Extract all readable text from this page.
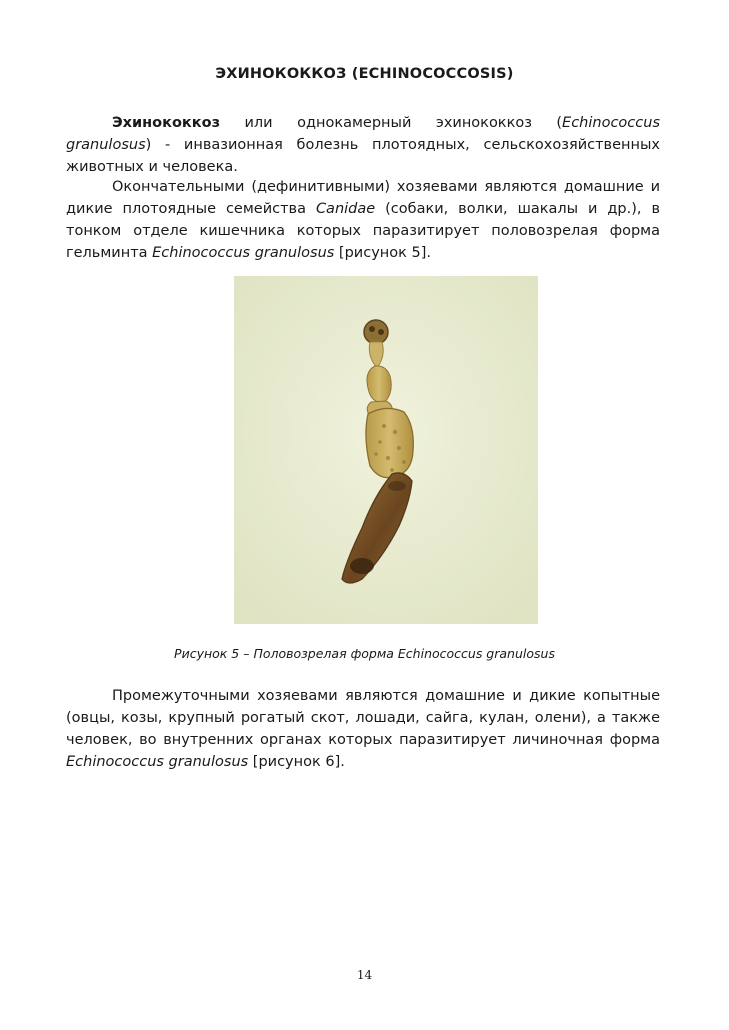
ЭХИНОКОККОЗ (ECHINOCOCCOSIS)

Эхинококкоз или однокамерный эхинококкоз (Echinococcus granulosus) - инвазионная болезнь плотоядных, сельскохозяйственных животных и человека.

Окончательными (дефинитивными) хозяевами являются домашние и дикие плотоядные семейства Canidae (собаки, волки, шакалы и др.), в тонком отделе кишечника которых паразитирует половозрелая форма гельминта Echinococcus granulosus [рисунок 5].

Рисунок 5 – Половозрелая форма Echinococcus granulosus

Промежуточными хозяевами являются домашние и дикие копытные (овцы, козы, крупный рогатый скот, лошади, сайга, кулан, олени), а также человек, во внутренних органах которых паразитирует личиночная форма Echinococcus granulosus [рисунок 6].

14
